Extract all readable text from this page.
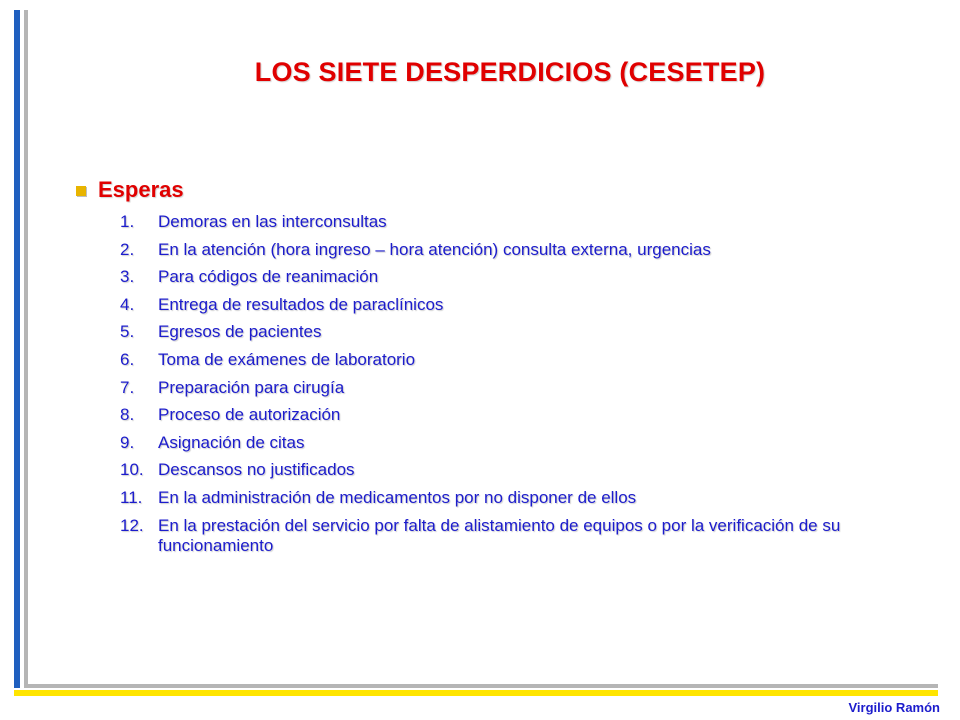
LOS SIETE DESPERDICIOS (CESETEP)
Esperas
1.	Demoras en las interconsultas
2.	En la atención (hora ingreso – hora atención) consulta externa, urgencias
3.	Para códigos de reanimación
4.	Entrega de resultados de paraclínicos
5.	Egresos de pacientes
6.	Toma de exámenes de laboratorio
7.	Preparación para cirugía
8.	Proceso de autorización
9.	Asignación de citas
10. Descansos no justificados
11. En la administración de medicamentos por no disponer de ellos
12. En la prestación del servicio por falta de alistamiento de equipos o por la verificación de su funcionamiento
Virgilio Ramón
